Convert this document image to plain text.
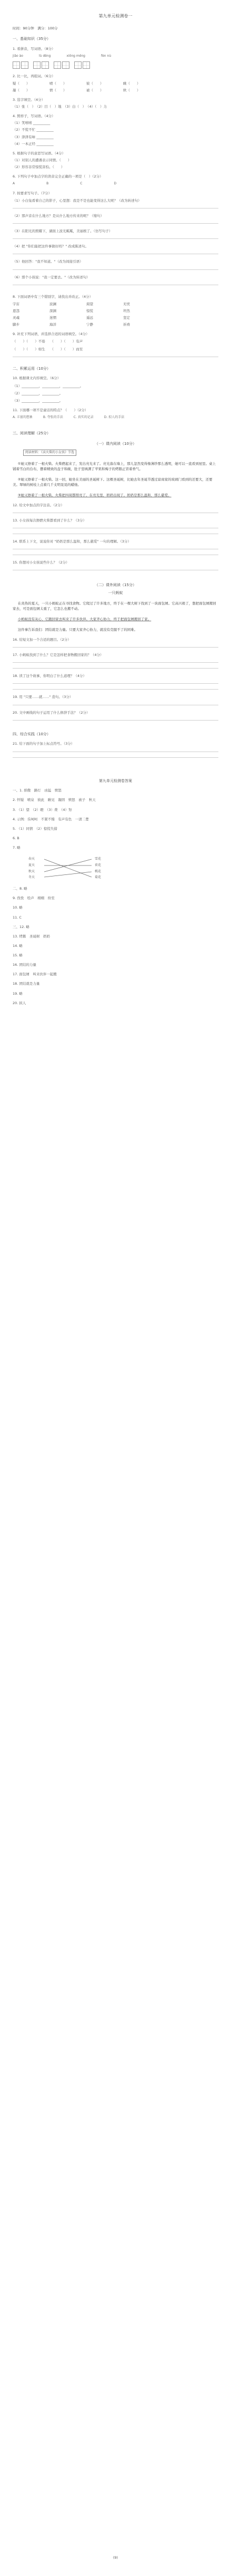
第九单元检测卷一
时间：90分钟　满分：100分
一、基础知识（35分）
1. 看拼音，写词语。（8分）
jiāo ào	lù dēng	xiōng měng	fèn nù
2. 比一比，再组词。（6分）
疑（　　）	喷（　　）	彼（　　）	瞅（　　）
凝（　　）	愤（　　）	被（　　）	秋（　　）
3. 选字填空。（4分）
（1）张（　）　（2）目（　）地　（3）白（　）　（4）（　）力
4. 照样子，写词语。（4分）
（1）笑嘻嘻 __________
（2）不慌不忙 __________
（3）津津有味 __________
（4）一本正经 __________
5. 根据句子的意思写词语。（4分）
（1）对别人的遭遇表示同情。（　　）
（2）形容非常惊慌害怕。（　　）
6. 下列句子中加点字的读音完全正确的一项是（　）（2分）
A	B	C	D
7. 按要求写句子。（7分）
（1）小白兔看着自己的影子，心里想：我是不是也能变得这么大呢？（改为转述句）
（2）那声音在什么地方？是从什么地方传来的呢？（缩句）
（3）在阳光的照耀下，湖面上波光粼粼，美丽极了。（仿写句子）
（4）把 "你们能把这件事做好吗？" 改成陈述句。
（5）他回答："我不知道。"（改为间接引语）
（6）那个小孩说："我一定要去。"（改为转述句）
8. 下面词语中有三个错别字，请找出并改正。（4分）
宇宙	波澜	渴望	无忧
恩怨	深渊	惊慌	坦然
灵魂	迷惘	遥远	坚定
脚步	海洋	宁静	祈祷
9. 补充下列词语，并选择合适的词语填空。（4分）
（　　）（　　）不倦　　（　　）（　　）有声
（　　）（　　）如生　　（　　）（　　）而至
二、积累运用（10分）
10. 根据课文内容填空。（6分）
（1）__________，__________，__________。
（2）__________，__________。
（3）__________，__________。
11. 下面哪一项不是童话的特点？（　　）（2分）
A. 丰富的想象	B. 夸张的手法	C. 真实的记录	D. 拟人的手法
三、阅读理解（25分）
（一）课内阅读（10分）
阅读材料：《卖火柴的小女孩》节选
①她又擦着了一根火柴。火柴燃起来了，发出亮光来了。亮光落在墙上，那儿忽然变得像薄纱那么透明，她可以一直看到屋里。桌上铺着雪白的台布，摆着精致的盘子和碗，肚子里填满了苹果和梅子的烤鹅正冒着香气。
②她又擦着了一根火柴。这一回，她坐在美丽的圣诞树下。这棵圣诞树，比她去年圣诞节透过富商家的玻璃门看到的还要大，还要美。翠绿的树枝上点着几千支明晃晃的蜡烛。
③她又擦着了一根火柴。火柴把四周都照亮了。在亮光里，奶奶出现了。奶奶是那么温和，那么慈爱。
12. 给文中加点的字注音。（2分）
13. 小女孩每次擦燃火柴都看到了什么？（3分）
14. 联系上下文，说说你对 "奶奶是那么温和，那么慈爱" 一句的理解。（3分）
15. 你想对小女孩说些什么？（2分）
（二）课外阅读（15分）
一只蚂蚁
在炎热的夏天，一只小蚂蚁正在寻找食物。它爬过了许多地方，终于在一棵大树下找到了一块面包屑。它高兴极了，想把面包屑搬回家去，可是面包屑太重了，它怎么也搬不动。
小蚂蚁没有灰心，它跑回家去叫来了许多伙伴。大家齐心协力，终于把面包屑搬回了家。
这件事告诉我们：团结就是力量。只要大家齐心协力，就没有克服不了的困难。
16. 给短文加一个合适的题目。（2分）
17. 小蚂蚁找到了什么？它是怎样把食物搬回家的？（4分）
18. 读了这个故事，你明白了什么道理？（4分）
19. 用 "只要……就……" 造句。（3分）
20. 文中画线的句子运用了什么修辞手法？（2分）
四、综合实践（10分）
21. 给下面的句子加上标点符号。（3分）
第九单元检测卷答案
一、1. 骄傲　路灯　凶猛　愤怒
2. 怀疑　喷泉　彼此　瞅见　凝固　愤怒　被子　秋天
3. （1）望　（2）瞪　（3）费　（4）努
4. 示例：乐呵呵　不紧不慢　有声有色　一清二楚
5. （1）同情　（2）惊慌失措
6. B
7. 略
春天
夏天
秋天
冬天
雪花
荷花
桃花
菊花
二、8. 略
9. 孜孜　绘声　栩栩　纷至
10. 略
11. C
三、12. 略
13. 烤鹅　圣诞树　奶奶
14. 略
15. 略
16. 团结的力量
17. 面包屑　叫来伙伴一起搬
18. 团结就是力量
19. 略
20. 拟人
(9)
